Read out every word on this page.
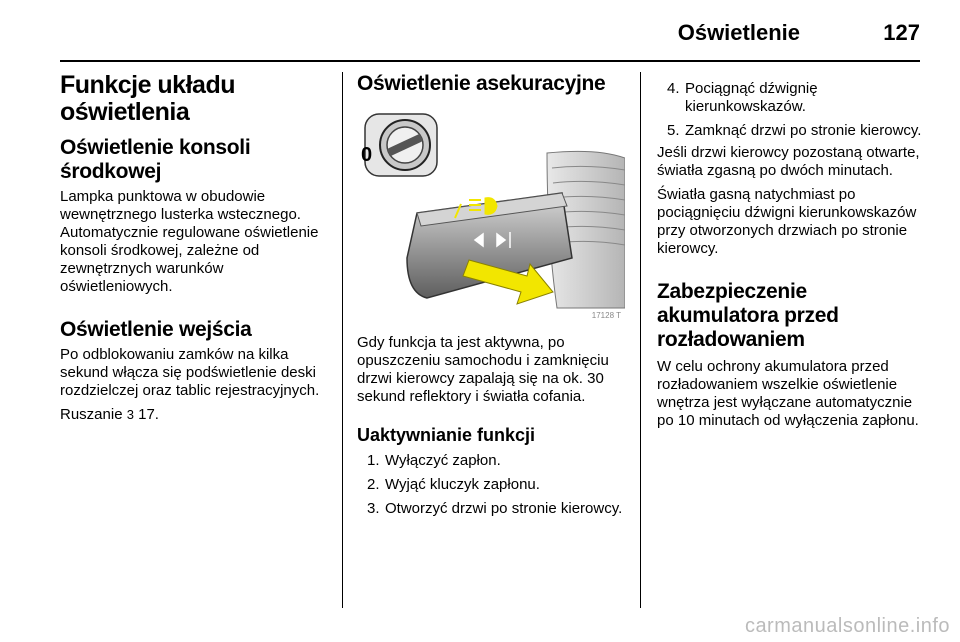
Oświetlenie	127
Funkcje układu oświetlenia
Oświetlenie konsoli środkowej

Lampka punktowa w obudowie wewnętrznego lusterka wstecznego. Automatycznie regulowane oświetlenie konsoli środkowej, zależne od zewnętrznych warunków oświetleniowych.

Oświetlenie wejścia

Po odblokowaniu zamków na kilka sekund włącza się podświetlenie deski rozdzielczej oraz tablic rejestracyjnych.

Ruszanie 3 17.

Oświetlenie asekuracyjne
17128 T
0

Gdy funkcja ta jest aktywna, po opuszczeniu samochodu i zamknięciu drzwi kierowcy zapalają się na ok. 30 sekund reflektory i światła cofania.

Uaktywnianie funkcji
1. Wyłączyć zapłon.
2. Wyjąć kluczyk zapłonu.
3. Otworzyć drzwi po stronie kierowcy.
4. Pociągnąć dźwignię kierunkowskazów.
5. Zamknąć drzwi po stronie kierowcy.

Jeśli drzwi kierowcy pozostaną otwarte, światła zgasną po dwóch minutach.

Światła gasną natychmiast po pociągnięciu dźwigni kierunkowskazów przy otworzonych drzwiach po stronie kierowcy.

Zabezpieczenie akumulatora przed rozładowaniem

W celu ochrony akumulatora przed rozładowaniem wszelkie oświetlenie wnętrza jest wyłączane automatycznie po 10 minutach od wyłączenia zapłonu.

carmanualsonline.info
